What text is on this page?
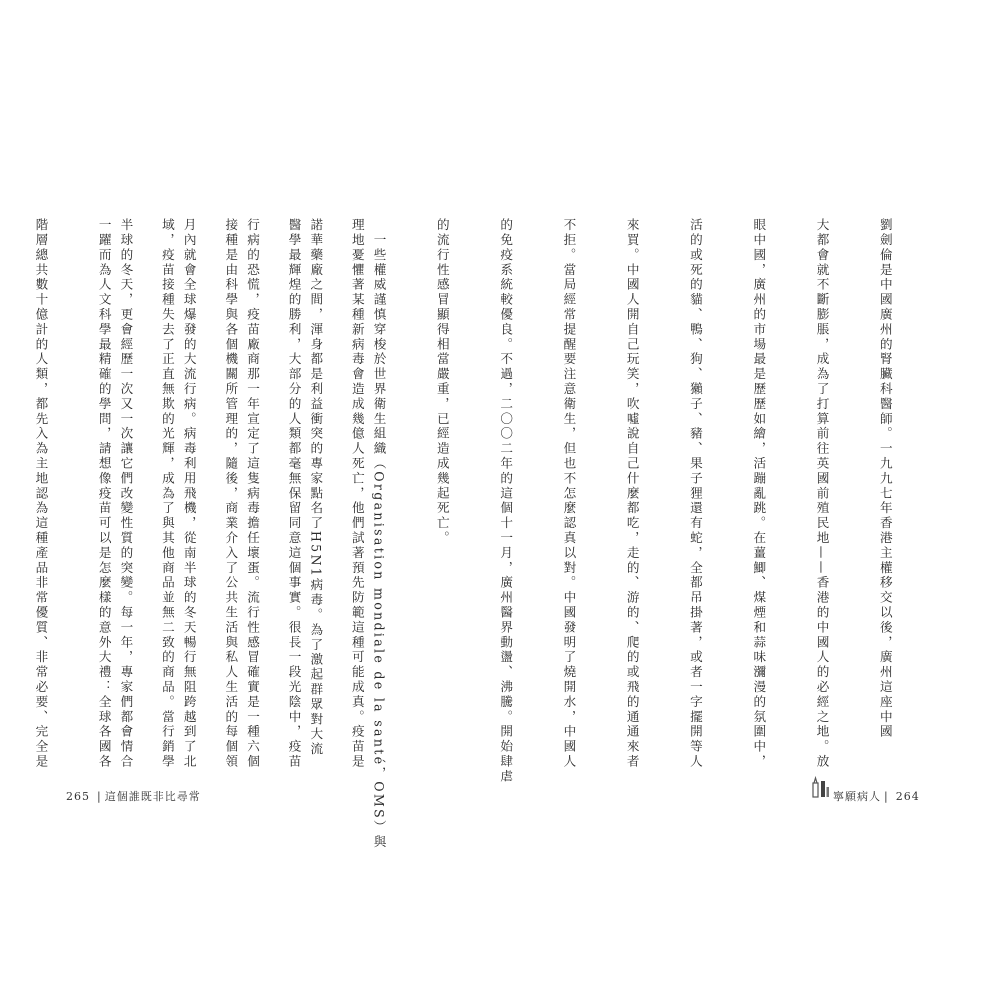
劉劍倫是中國廣州的腎臟科醫師。一九九七年香港主權移交以後，廣州這座中國

大都會就不斷膨脹，成為了打算前往英國前殖民地——香港的中國人的必經之地。放

眼中國，廣州的市場最是歷歷如繪，活蹦亂跳。在薑鯽、煤煙和蒜味瀰漫的氛圍中，

活的或死的貓、鴨、狗、獺子、豬、果子狸還有蛇，全都吊掛著，或者一字擺開等人

來買。中國人開自己玩笑，吹噓說自己什麼都吃，走的、游的、爬的或飛的通通來者

不拒。當局經常提醒要注意衛生，但也不怎麼認真以對。中國發明了燒開水，中國人

的免疫系統較優良。不過，二〇〇二年的這個十一月，廣州醫界動盪、沸騰。開始肆虐

的流行性感冒顯得相當嚴重，已經造成幾起死亡。

　一些權威謹慎穿梭於世界衛生組織（Organisation mondiale de la santé，OMS）與

諾華藥廠之間，渾身都是利益衝突的專家點名了H5N1病毒。為了激起群眾對大流

行病的恐慌，疫苗廠商那一年宣定了這隻病毒擔任壞蛋。流行性感冒確實是一種六個

月內就會全球爆發的大流行病。病毒利用飛機，從南半球的冬天暢行無阻跨越到了北

半球的冬天，更會經歷一次又一次讓它們改變性質的突變。每一年，專家們都會情合

	理地憂懼著某種新病毒會造成幾億人死亡，他們試著預先防範這種可能成真。疫苗是

醫學最輝煌的勝利，大部分的人類都毫無保留同意這個事實。很長一段光陰中，疫苗

接種是由科學與各個機關所管理的，隨後，商業介入了公共生活與私人生活的每個領

域，疫苗接種失去了正直無欺的光輝，成為了與其他商品並無二致的商品。當行銷學

一躍而為人文科學最精確的學問，請想像疫苗可以是怎麼樣的意外大禮：全球各國各

階層總共數十億計的人類，都先入為主地認為這種產品非常優質、非常必要、完全是

265 | 這個誰既非比尋常	寧願病人 | 264
